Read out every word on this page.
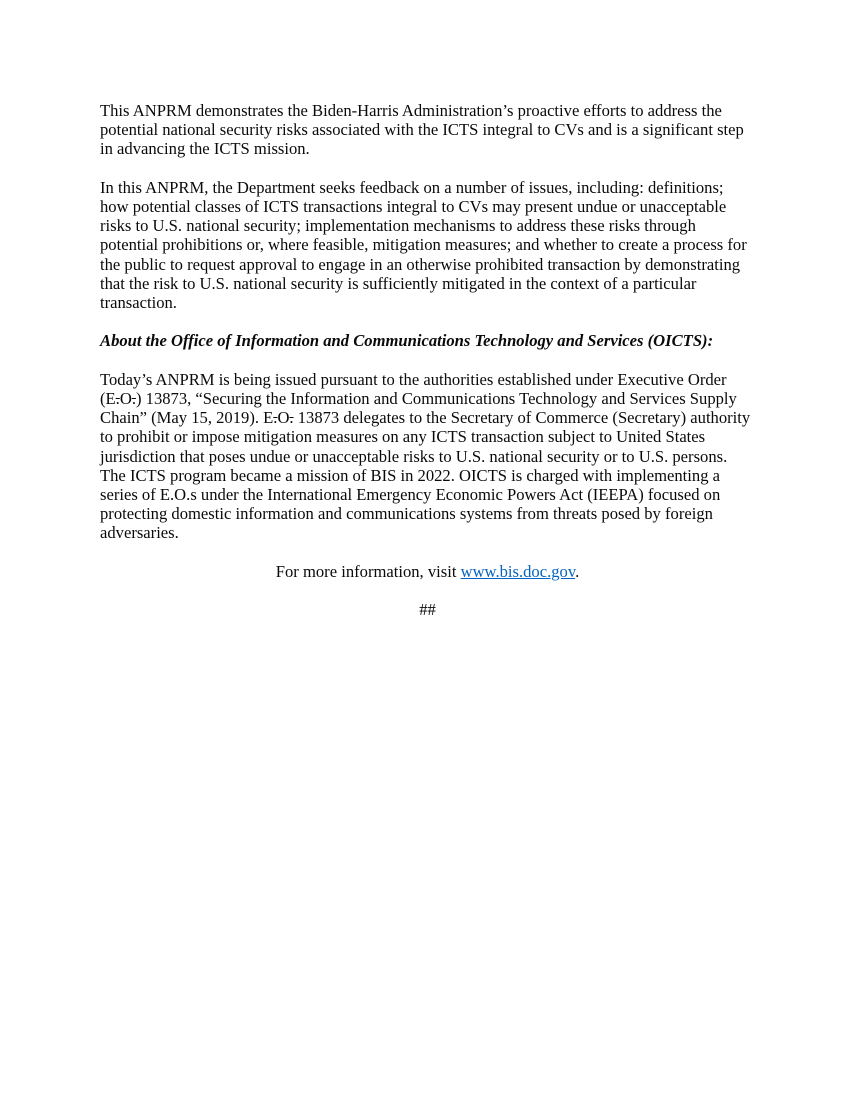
This ANPRM demonstrates the Biden-Harris Administration’s proactive efforts to address the potential national security risks associated with the ICTS integral to CVs and is a significant step in advancing the ICTS mission.

In this ANPRM, the Department seeks feedback on a number of issues, including: definitions; how potential classes of ICTS transactions integral to CVs may present undue or unacceptable risks to U.S. national security; implementation mechanisms to address these risks through potential prohibitions or, where feasible, mitigation measures; and whether to create a process for the public to request approval to engage in an otherwise prohibited transaction by demonstrating that the risk to U.S. national security is sufficiently mitigated in the context of a particular transaction.

About the Office of Information and Communications Technology and Services (OICTS):

Today’s ANPRM is being issued pursuant to the authorities established under Executive Order (E.O.) 13873, “Securing the Information and Communications Technology and Services Supply Chain” (May 15, 2019). E.O. 13873 delegates to the Secretary of Commerce (Secretary) authority to prohibit or impose mitigation measures on any ICTS transaction subject to United States jurisdiction that poses undue or unacceptable risks to U.S. national security or to U.S. persons.

The ICTS program became a mission of BIS in 2022. OICTS is charged with implementing a series of E.O.s under the International Emergency Economic Powers Act (IEEPA) focused on protecting domestic information and communications systems from threats posed by foreign adversaries.

For more information, visit www.bis.doc.gov.

##
